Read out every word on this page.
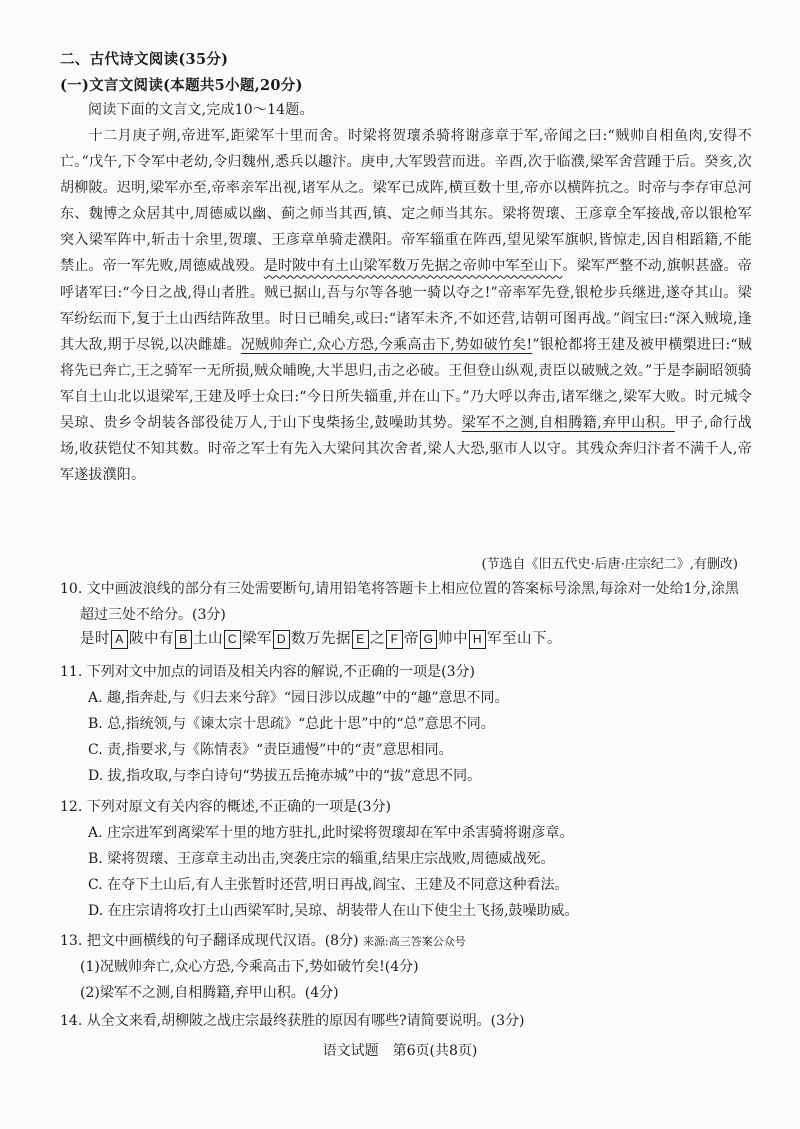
二、古代诗文阅读(35分)
(一)文言文阅读(本题共5小题,20分)
阅读下面的文言文,完成10～14题。
十二月庚子朔,帝进军,距梁军十里而舍。时梁将贺瓌杀骑将谢彦章于军,帝闻之曰:“贼帅自相鱼肉,安得不亡。”戊午,下令军中老幼,令归魏州,悉兵以趣汴。庚申,大军毁营而进。辛酉,次于临濮,梁军舍营踵于后。癸亥,次胡柳陂。迟明,梁军亦至,帝率亲军出视,诸军从之。梁军已成阵,横亘数十里,帝亦以横阵抗之。时帝与李存审总河东、魏博之众居其中,周德威以幽、蓟之师当其西,镇、定之师当其东。梁将贺瓌、王彦章全军接战,帝以银枪军突入梁军阵中,斩击十余里,贺瓌、王彦章单骑走濮阳。帝军辎重在阵西,望见梁军旗帜,皆惊走,因自相蹈籍,不能禁止。帝一军先败,周德威战殁。是时陂中有土山梁军数万先据之帝帅中军至山下。梁军严整不动,旗帜甚盛。帝呼诸军曰:“今日之战,得山者胜。贼已据山,吾与尔等各驰一骑以夺之!”帝率军先登,银枪步兵继进,遂夺其山。梁军纷纭而下,复于土山西结阵敌里。时日已晡矣,或曰:“诸军未齐,不如还营,诘朝可图再战。”阎宝曰:“深入贼境,逢其大敌,期于尽锐,以决雌雄。况贼帅奔亡,众心方恐,今乘高击下,势如破竹矣!”银枪都将王建及被甲横槊进曰:“贼将先已奔亡,王之骑军一无所损,贼众晡晚,大半思归,击之必破。王但登山纵观,责臣以破贼之效。”于是李嗣昭领骑军自土山北以退梁军,王建及呼士众曰:“今日所失辎重,并在山下。”乃大呼以奔击,诸军继之,梁军大败。时元城令吴琼、贵乡令胡装各部役徒万人,于山下曳柴扬尘,鼓噪助其势。梁军不之测,自相腾籍,弃甲山积。甲子,命行战场,收获铠仗不知其数。时帝之军士有先入大梁问其次舍者,梁人大恐,驱市人以守。其残众奔归汴者不满千人,帝军遂拔濮阳。
(节选自《旧五代史·后唐·庄宗纪二》,有删改)
10. 文中画波浪线的部分有三处需要断句,请用铅笔将答题卡上相应位置的答案标号涂黑,每涂对一处给1分,涂黑超过三处不给分。(3分)
是时 A 陂中有 B 土山 C 梁军 D 数万先据 E 之 F 帝 G 帅中 H 军至山下。
11. 下列对文中加点的词语及相关内容的解说,不正确的一项是(3分)
A. 趣,指奔赴,与《归去来兮辞》“园日涉以成趣”中的“趣”意思不同。
B. 总,指统领,与《谏太宗十思疏》“总此十思”中的“总”意思不同。
C. 责,指要求,与《陈情表》“责臣逋慢”中的“责”意思相同。
D. 拔,指攻取,与李白诗句“势拔五岳掩赤城”中的“拔”意思不同。
12. 下列对原文有关内容的概述,不正确的一项是(3分)
A. 庄宗进军到离梁军十里的地方驻扎,此时梁将贺瓌却在军中杀害骑将谢彦章。
B. 梁将贺瓌、王彦章主动出击,突袭庄宗的辎重,结果庄宗战败,周德威战死。
C. 在夺下土山后,有人主张暂时还营,明日再战,阎宝、王建及不同意这种看法。
D. 在庄宗请将攻打土山西梁军时,吴琼、胡装带人在山下使尘土飞扬,鼓噪助威。
13. 把文中画横线的句子翻译成现代汉语。(8分) 来源:高三答案公众号
(1)况贼帅奔亡,众心方恐,今乘高击下,势如破竹矣!(4分)
(2)梁军不之测,自相腾籍,弃甲山积。(4分)
14. 从全文来看,胡柳陂之战庄宗最终获胜的原因有哪些?请简要说明。(3分)
语文试题　第6页(共8页)
